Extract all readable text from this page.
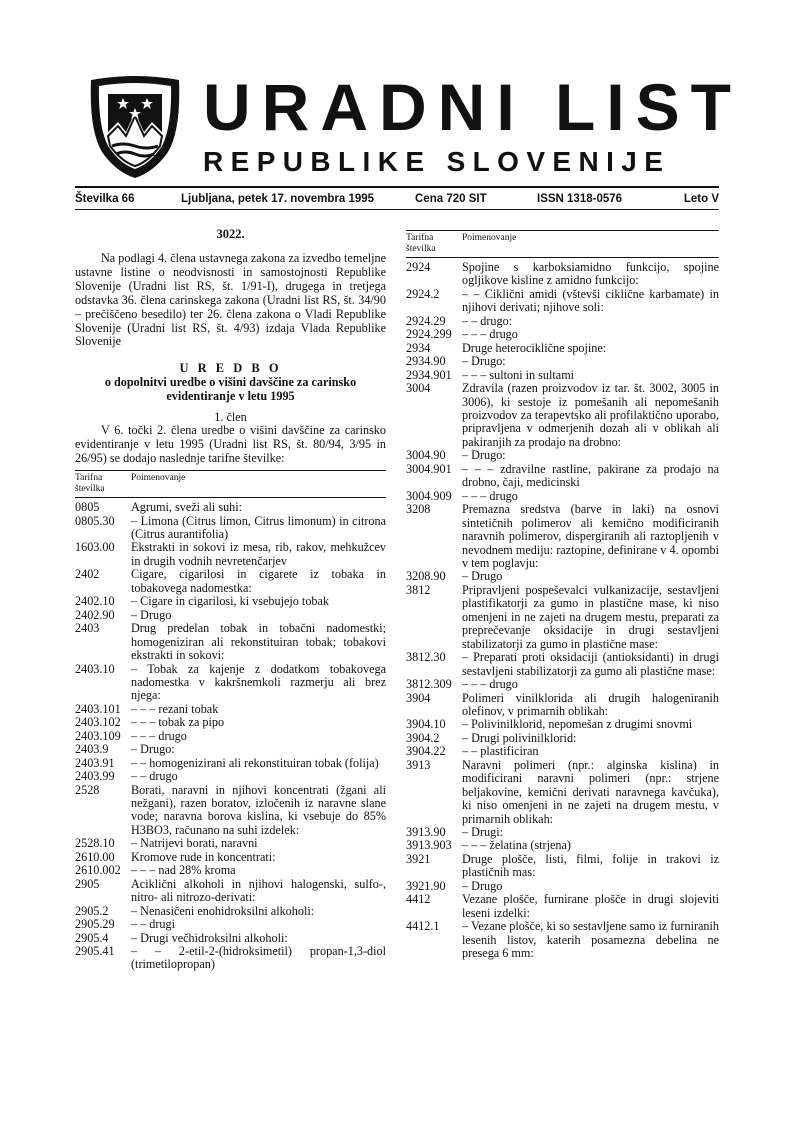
URADNI LIST
REPUBLIKE SLOVENIJE
Številka 66	Ljubljana, petek 17. novembra 1995	Cena 720 SIT	ISSN 1318-0576	Leto V
3022.
Na podlagi 4. člena ustavnega zakona za izvedbo temeljne ustavne listine o neodvisnosti in samostojnosti Republike Slovenije (Uradni list RS, št. 1/91-I), drugega in tretjega odstavka 36. člena carinskega zakona (Uradni list RS, št. 34/90 – prečiščeno besedilo) ter 26. člena zakona o Vladi Republike Slovenije (Uradni list RS, št. 4/93) izdaja Vlada Republike Slovenije
U R E D B O
o dopolnitvi uredbe o višini davščine za carinsko
evidentiranje v letu 1995
1. člen
V 6. točki 2. člena uredbe o višini davščine za carinsko evidentiranje v letu 1995 (Uradni list RS, št. 80/94, 3/95 in 26/95) se dodajo naslednje tarifne številke:
Tarifna
številka
Poimenovanje
0805	Agrumi, sveži ali suhi:
0805.30	– Limona (Citrus limon, Citrus limonum) in citrona (Citrus aurantifolia)
1603.00	Ekstrakti in sokovi iz mesa, rib, rakov, mehkužcev in drugih vodnih nevretenčarjev
2402	Cigare, cigarilosi in cigarete iz tobaka in tobakovega nadomestka:
2402.10	– Cigare in cigarilosi, ki vsebujejo tobak
2402.90	– Drugo
2403	Drug predelan tobak in tobačni nadomestki; homogeniziran ali rekonstituiran tobak; tobakovi ekstrakti in sokovi:
2403.10	– Tobak za kajenje z dodatkom tobakovega nadomestka v kakršnemkoli razmerju ali brez njega:
2403.101 – – – rezani tobak
2403.102 – – – tobak za pipo
2403.109 – – – drugo
2403.9	– Drugo:
2403.91	– – homogenizirani ali rekonstituiran tobak (folija)
2403.99	– – drugo
2528	Borati, naravni in njihovi koncentrati (žgani ali nežgani), razen boratov, izločenih iz naravne slane vode; naravna borova kislina, ki vsebuje do 85% H3BO3, računano na suhi izdelek:
2528.10	– Natrijevi borati, naravni
2610.00	Kromove rude in koncentrati:
2610.002 – – – nad 28% kroma
2905	Aciklični alkoholi in njihovi halogenski, sulfo-, nitro- ali nitrozo-derivati:
2905.2	– Nenasičeni enohidroksilni alkoholi:
2905.29	– – drugi
2905.4	– Drugi večhidroksilni alkoholi:
2905.41	– – 2-etil-2-(hidroksimetil) propan-1,3-diol (trimetilopropan)
Tarifna
številka
Poimenovanje
2924	Spojine s karboksiamidno funkcijo, spojine ogljikove kisline z amidno funkcijo:
2924.2	– – Ciklični amidi (vštevši ciklične karbamate) in njihovi derivati; njihove soli:
2924.29	– – drugo:
2924.299 – – – drugo
2934	Druge heterociklične spojine:
2934.90	– Drugo:
2934.901 – – – sultoni in sultami
3004	Zdravila (razen proizvodov iz tar. št. 3002, 3005 in 3006), ki sestoje iz pomešanih ali nepomešanih proizvodov za terapevtsko ali profilaktično uporabo, pripravljena v odmerjenih dozah ali v oblikah ali pakiranjih za prodajo na drobno:
3004.90	– Drugo:
3004.901 – – – zdravilne rastline, pakirane za prodajo na drobno, čaji, medicinski
3004.909 – – – drugo
3208	Premazna sredstva (barve in laki) na osnovi sintetičnih polimerov ali kemično modificiranih naravnih polimerov, dispergiranih ali raztopljenih v nevodnem mediju: raztopine, definirane v 4. opombi v tem poglavju:
3208.90	– Drugo
3812	Pripravljeni pospeševalci vulkanizacije, sestavljeni plastifikatorji za gumo in plastične mase, ki niso omenjeni in ne zajeti na drugem mestu, preparati za preprečevanje oksidacije in drugi sestavljeni stabilizatorji za gumo in plastične mase:
3812.30	– Preparati proti oksidaciji (antioksidanti) in drugi sestavljeni stabilizatorji za gumo ali plastične mase:
3812.309 – – – drugo
3904	Polimeri vinilklorida ali drugih halogeniranih olefinov, v primarnih oblikah:
3904.10	– Polivinilklorid, nepomešan z drugimi snovmi
3904.2	– Drugi polivinilklorid:
3904.22	– – plastificiran
3913	Naravni polimeri (npr.: alginska kislina) in modificirani naravni polimeri (npr.: strjene beljakovine, kemični derivati naravnega kavčuka), ki niso omenjeni in ne zajeti na drugem mestu, v primarnih oblikah:
3913.90	– Drugi:
3913.903 – – – želatina (strjena)
3921	Druge plošče, listi, filmi, folije in trakovi iz plastičnih mas:
3921.90	– Drugo
4412	Vezane plošče, furnirane plošče in drugi slojeviti leseni izdelki:
4412.1	– Vezane plošče, ki so sestavljene samo iz furniranih lesenih listov, katerih posamezna debelina ne presega 6 mm:
